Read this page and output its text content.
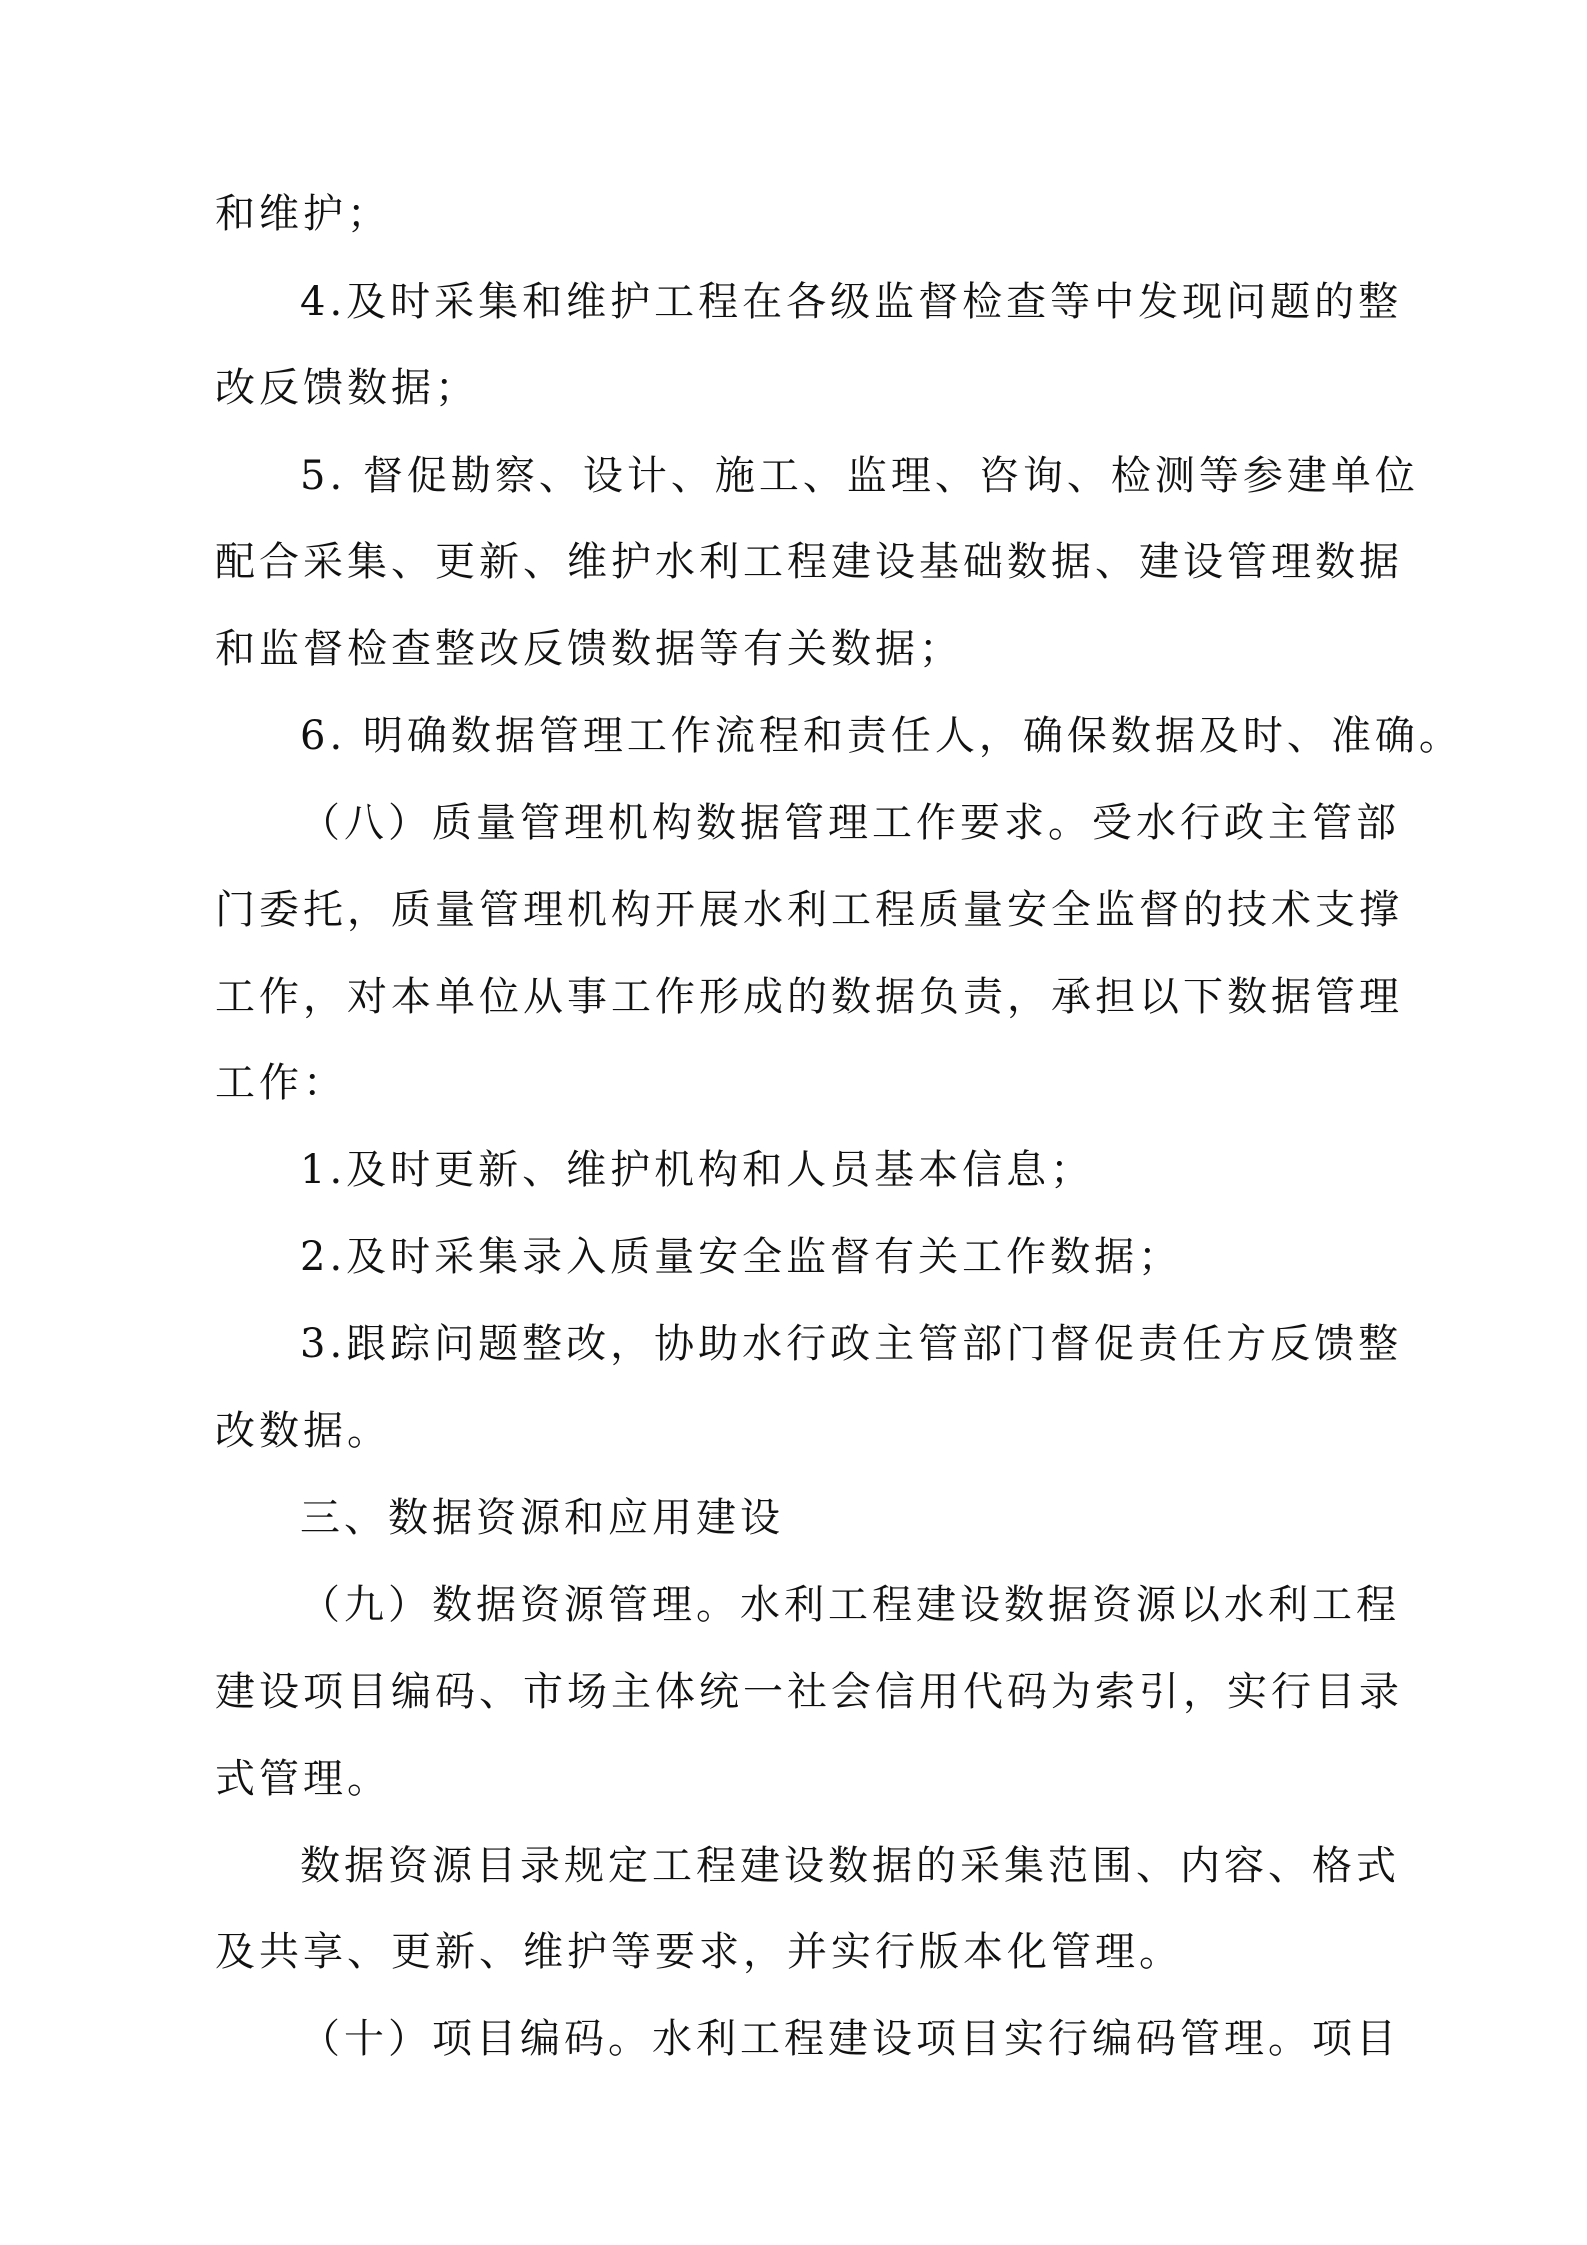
和维护；
4.及时采集和维护工程在各级监督检查等中发现问题的整
改反馈数据；
5. 督促勘察、设计、施工、监理、咨询、检测等参建单位
配合采集、更新、维护水利工程建设基础数据、建设管理数据
和监督检查整改反馈数据等有关数据；
6. 明确数据管理工作流程和责任人，确保数据及时、准确。
（八）质量管理机构数据管理工作要求。受水行政主管部
门委托，质量管理机构开展水利工程质量安全监督的技术支撑
工作，对本单位从事工作形成的数据负责，承担以下数据管理
工作：
1.及时更新、维护机构和人员基本信息；
2.及时采集录入质量安全监督有关工作数据；
3.跟踪问题整改，协助水行政主管部门督促责任方反馈整
改数据。
三、数据资源和应用建设
（九）数据资源管理。水利工程建设数据资源以水利工程
建设项目编码、市场主体统一社会信用代码为索引，实行目录
式管理。
数据资源目录规定工程建设数据的采集范围、内容、格式
及共享、更新、维护等要求，并实行版本化管理。
（十）项目编码。水利工程建设项目实行编码管理。项目
